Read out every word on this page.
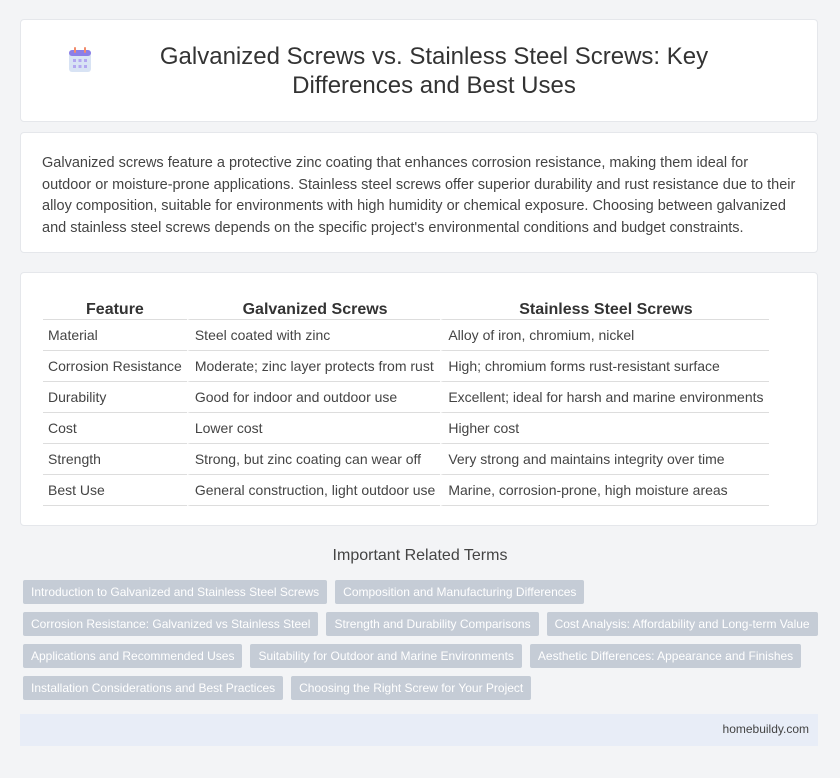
Galvanized Screws vs. Stainless Steel Screws: Key Differences and Best Uses

Galvanized screws feature a protective zinc coating that enhances corrosion resistance, making them ideal for outdoor or moisture-prone applications. Stainless steel screws offer superior durability and rust resistance due to their alloy composition, suitable for environments with high humidity or chemical exposure. Choosing between galvanized and stainless steel screws depends on the specific project's environmental conditions and budget constraints.

Feature	Galvanized Screws	Stainless Steel Screws
Material	Steel coated with zinc	Alloy of iron, chromium, nickel
Corrosion Resistance	Moderate; zinc layer protects from rust	High; chromium forms rust-resistant surface
Durability	Good for indoor and outdoor use	Excellent; ideal for harsh and marine environments
Cost	Lower cost	Higher cost
Strength	Strong, but zinc coating can wear off	Very strong and maintains integrity over time
Best Use	General construction, light outdoor use	Marine, corrosion-prone, high moisture areas
Important Related Terms
Introduction to Galvanized and Stainless Steel Screws	Composition and Manufacturing Differences
Corrosion Resistance: Galvanized vs Stainless Steel	Strength and Durability Comparisons	Cost Analysis: Affordability and Long-term Value
Applications and Recommended Uses	Suitability for Outdoor and Marine Environments	Aesthetic Differences: Appearance and Finishes
Installation Considerations and Best Practices	Choosing the Right Screw for Your Project
homebuildy.com
